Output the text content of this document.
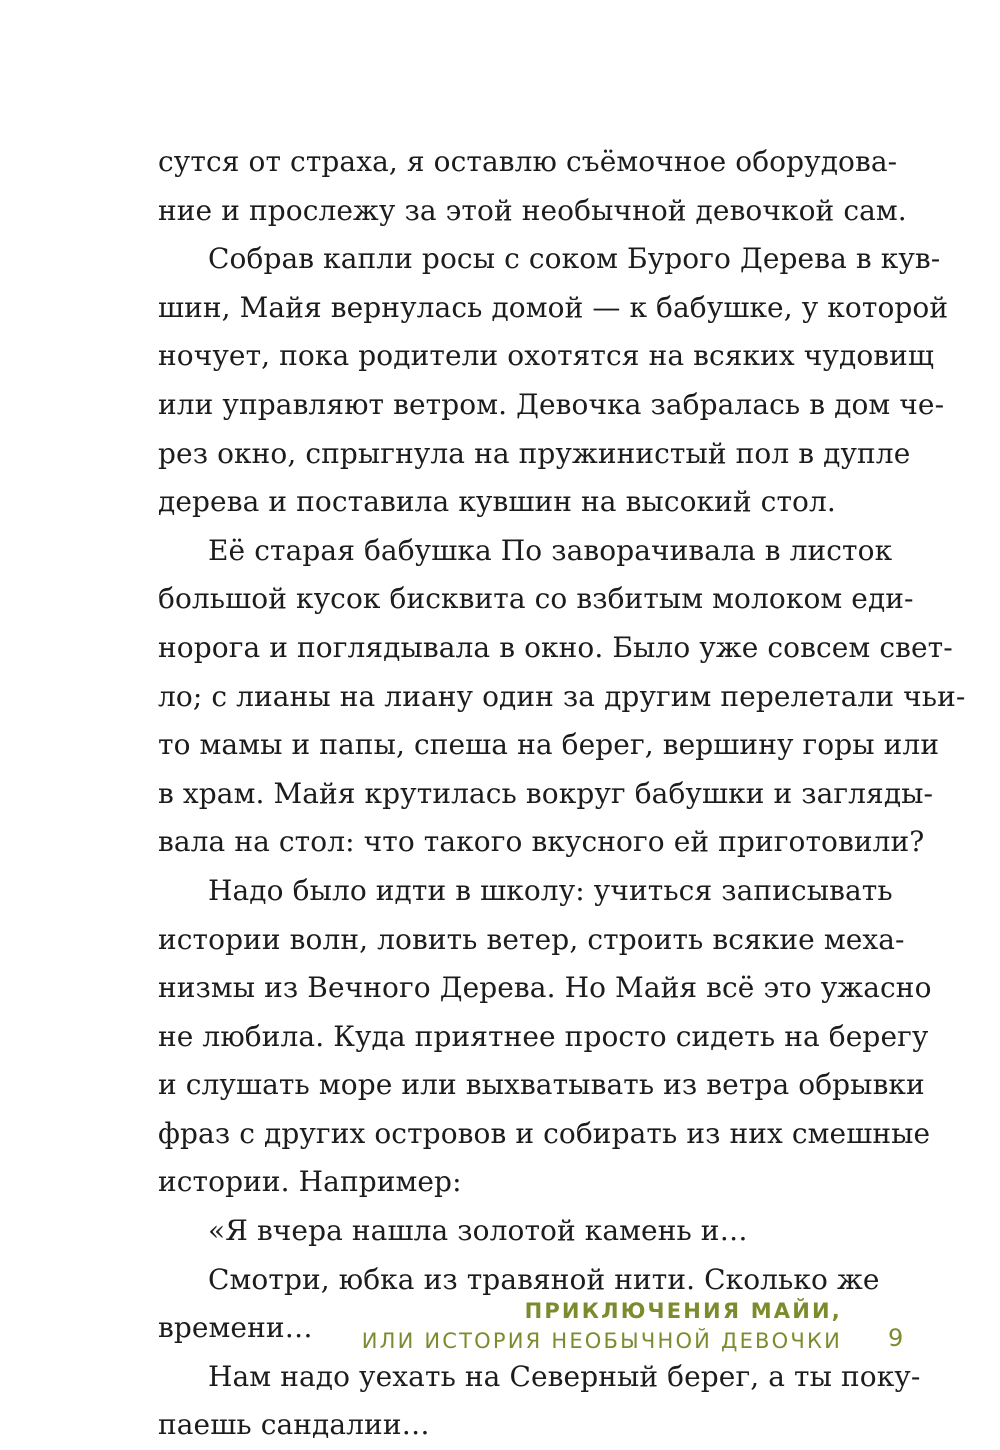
сутся от страха, я оставлю съёмочное оборудова-
ние и прослежу за этой необычной девочкой сам.
Собрав капли росы с соком Бурого Дерева в кув-
шин, Майя вернулась домой — к бабушке, у которой
ночует, пока родители охотятся на всяких чудовищ
или управляют ветром. Девочка забралась в дом че-
рез окно, спрыгнула на пружинистый пол в дупле
дерева и поставила кувшин на высокий стол.
Её старая бабушка По заворачивала в листок
большой кусок бисквита со взбитым молоком еди-
норога и поглядывала в окно. Было уже совсем свет-
ло; с лианы на лиану один за другим перелетали чьи-
то мамы и папы, спеша на берег, вершину горы или
в храм. Майя крутилась вокруг бабушки и загляды-
вала на стол: что такого вкусного ей приготовили?
Надо было идти в школу: учиться записывать
истории волн, ловить ветер, строить всякие меха-
низмы из Вечного Дерева. Но Майя всё это ужасно
не любила. Куда приятнее просто сидеть на берегу
и слушать море или выхватывать из ветра обрывки
фраз с других островов и собирать из них смешные
истории. Например:
«Я вчера нашла золотой камень и…
Смотри, юбка из травяной нити. Сколько же
времени…
Нам надо уехать на Северный берег, а ты поку-
паешь сандалии…
ПРИКЛЮЧЕНИЯ МАЙИ,
ИЛИ ИСТОРИЯ НЕОБЫЧНОЙ ДЕВОЧКИ 9
